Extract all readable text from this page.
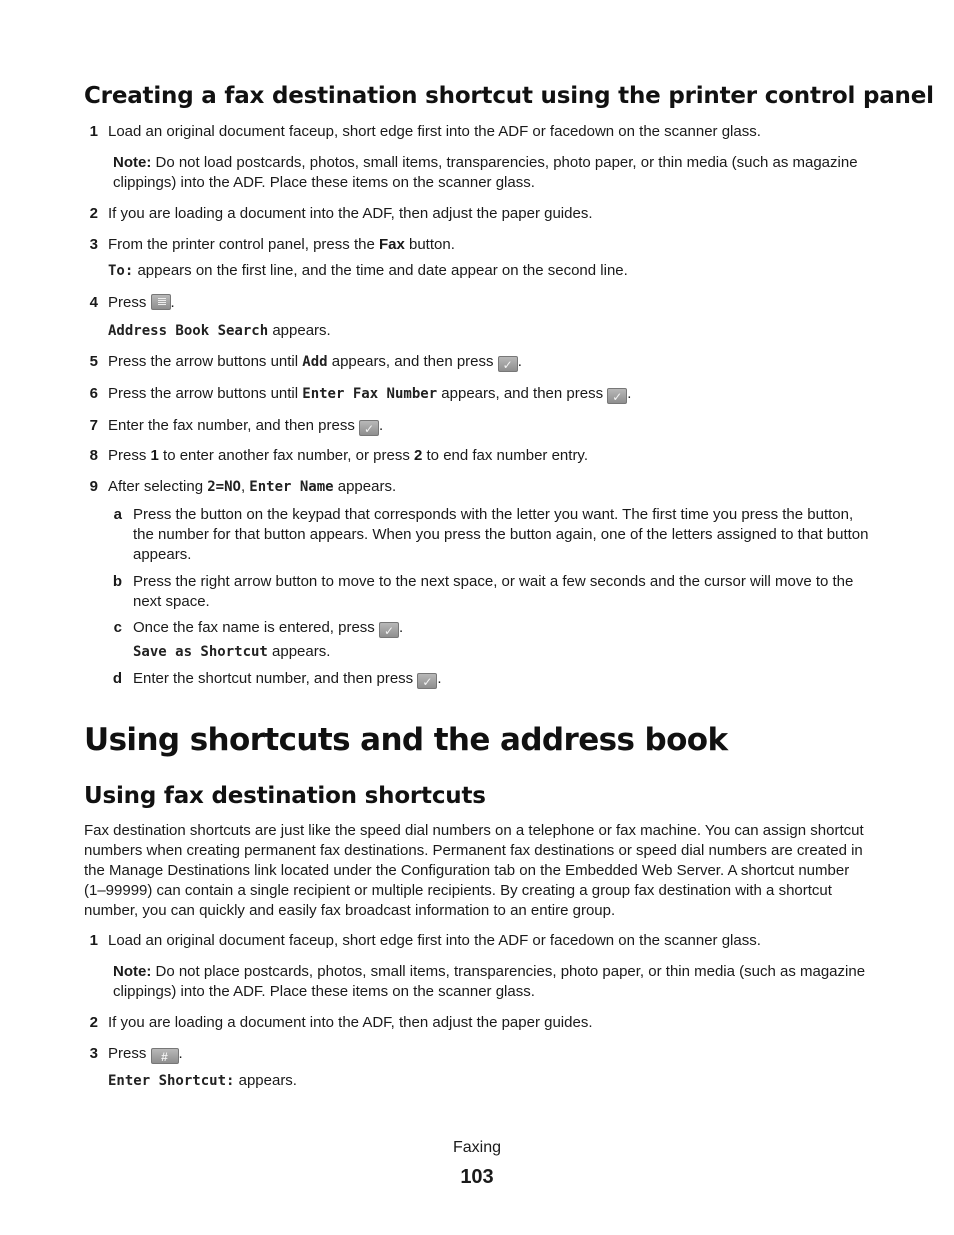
Creating a fax destination shortcut using the printer control panel
1 Load an original document faceup, short edge first into the ADF or facedown on the scanner glass.
Note: Do not load postcards, photos, small items, transparencies, photo paper, or thin media (such as magazine clippings) into the ADF. Place these items on the scanner glass.
2 If you are loading a document into the ADF, then adjust the paper guides.
3 From the printer control panel, press the Fax button.
To: appears on the first line, and the time and date appear on the second line.
4 Press
.
Address Book Search appears.
5 Press the arrow buttons until Add appears, and then press ✓ .
6 Press the arrow buttons until Enter Fax Number appears, and then press ✓ .
7 Enter the fax number, and then press ✓ .
8 Press 1 to enter another fax number, or press 2 to end fax number entry.
9 After selecting 2=NO, Enter Name appears.
a Press the button on the keypad that corresponds with the letter you want. The first time you press the button, the number for that button appears. When you press the button again, one of the letters assigned to that button appears.
b Press the right arrow button to move to the next space, or wait a few seconds and the cursor will move to the next space.
c Once the fax name is entered, press ✓ .
Save as Shortcut appears.
d Enter the shortcut number, and then press ✓ .
Using shortcuts and the address book
Using fax destination shortcuts
Fax destination shortcuts are just like the speed dial numbers on a telephone or fax machine. You can assign shortcut numbers when creating permanent fax destinations. Permanent fax destinations or speed dial numbers are created in the Manage Destinations link located under the Configuration tab on the Embedded Web Server. A shortcut number (1–99999) can contain a single recipient or multiple recipients. By creating a group fax destination with a shortcut number, you can quickly and easily fax broadcast information to an entire group.
1 Load an original document faceup, short edge first into the ADF or facedown on the scanner glass.
Note: Do not place postcards, photos, small items, transparencies, photo paper, or thin media (such as magazine clippings) into the ADF. Place these items on the scanner glass.
2 If you are loading a document into the ADF, then adjust the paper guides.
3 Press # .
Enter Shortcut: appears.
Faxing
103
